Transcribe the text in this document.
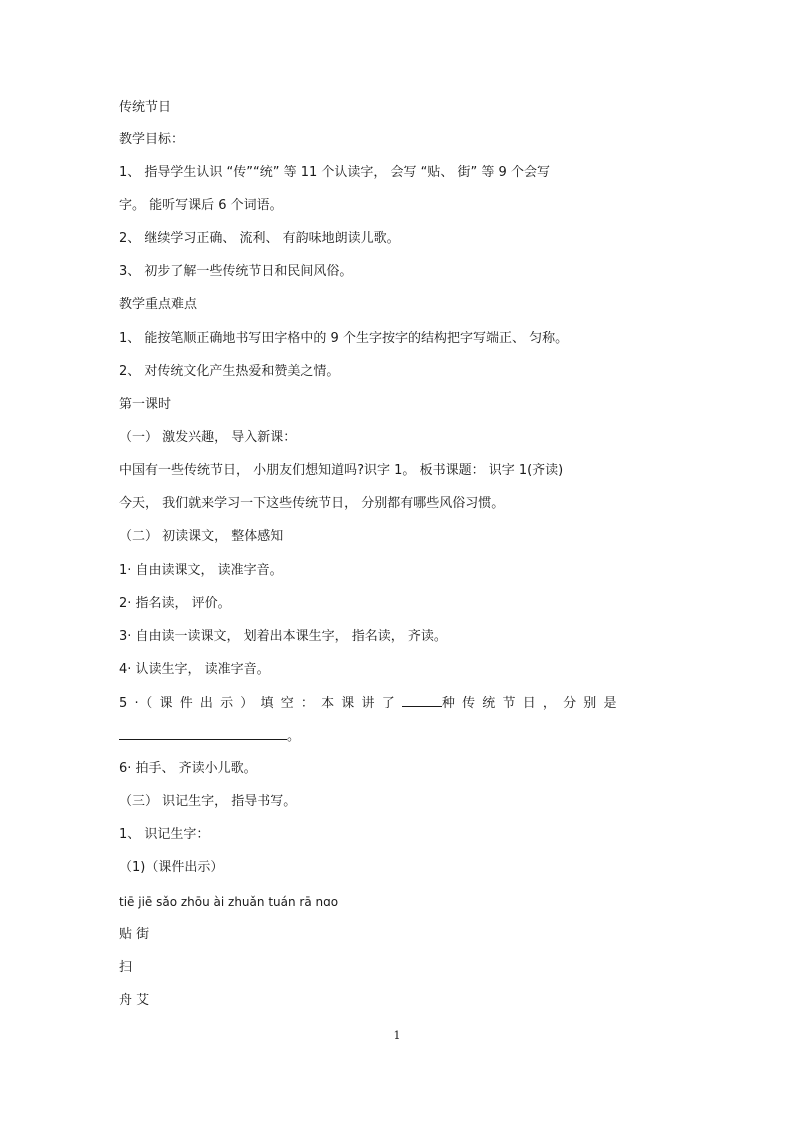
传统节日
教学目标：
1、 指导学生认识 “传”“统” 等 11 个认读字， 会写 “贴、 街” 等 9 个会写
字。 能听写课后 6 个词语。
2、 继续学习正确、 流利、 有韵味地朗读儿歌。
3、 初步了解一些传统节日和民间风俗。
教学重点难点
1、 能按笔顺正确地书写田字格中的 9 个生字按字的结构把字写端正、 匀称。
2、 对传统文化产生热爱和赞美之情。
第一课时
（一） 激发兴趣， 导入新课：
中国有一些传统节日， 小朋友们想知道吗?识字 1。 板书课题： 识字 1(齐读)
今天， 我们就来学习一下这些传统节日， 分别都有哪些风俗习惯。
（二） 初读课文， 整体感知
1· 自由读课文， 读准字音。
2· 指名读， 评价。
3· 自由读一读课文， 划着出本课生字， 指名读， 齐读。
4· 认读生字， 读准字音。
5·（课件出示）填空：本课讲了	种传统节日，分别是
。
6· 拍手、 齐读小儿歌。
（三） 识记生字， 指导书写。
1、 识记生字：
（1)（课件出示）
tiē jiē sǎo zhōu ài zhuǎn tuán rā nɑo
贴 街
扫
舟 艾
1
